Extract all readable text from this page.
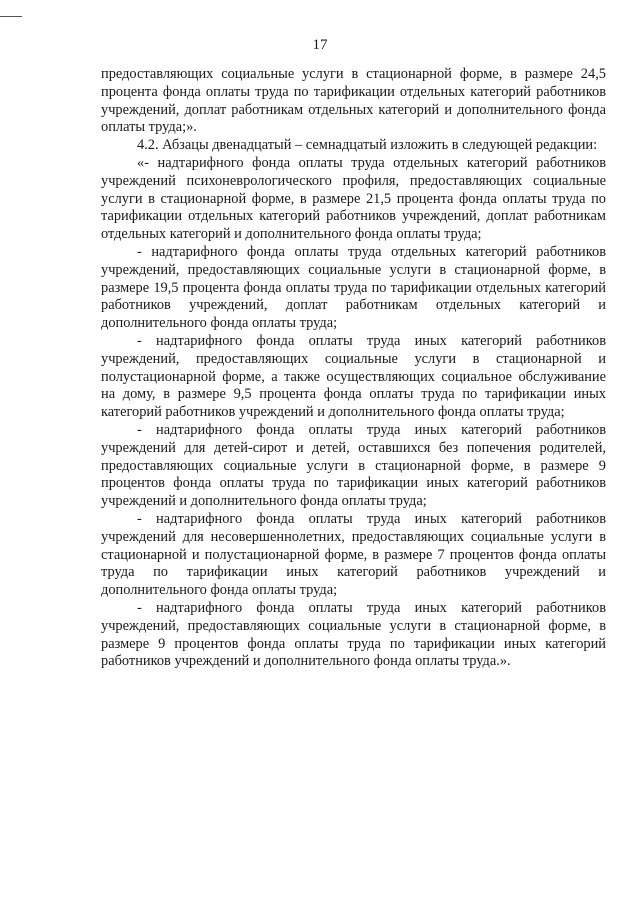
17

предоставляющих социальные услуги в стационарной форме, в размере 24,5 процента фонда оплаты труда по тарификации отдельных категорий работников учреждений, доплат работникам отдельных категорий и дополнительного фонда оплаты труда;».

4.2. Абзацы двенадцатый – семнадцатый изложить в следующей редакции:

«- надтарифного фонда оплаты труда отдельных категорий работников учреждений психоневрологического профиля, предоставляющих социальные услуги в стационарной форме, в размере 21,5 процента фонда оплаты труда по тарификации отдельных категорий работников учреждений, доплат работникам отдельных категорий и дополнительного фонда оплаты труда;

- надтарифного фонда оплаты труда отдельных категорий работников учреждений, предоставляющих социальные услуги в стационарной форме, в размере 19,5 процента фонда оплаты труда по тарификации отдельных категорий работников учреждений, доплат работникам отдельных категорий и дополнительного фонда оплаты труда;

- надтарифного фонда оплаты труда иных категорий работников учреждений, предоставляющих социальные услуги в стационарной и полустационарной форме, а также осуществляющих социальное обслуживание на дому, в размере 9,5 процента фонда оплаты труда по тарификации иных категорий работников учреждений и дополнительного фонда оплаты труда;

- надтарифного фонда оплаты труда иных категорий работников учреждений для детей-сирот и детей, оставшихся без попечения родителей, предоставляющих социальные услуги в стационарной форме, в размере 9 процентов фонда оплаты труда по тарификации иных категорий работников учреждений и дополнительного фонда оплаты труда;

- надтарифного фонда оплаты труда иных категорий работников учреждений для несовершеннолетних, предоставляющих социальные услуги в стационарной и полустационарной форме, в размере 7 процентов фонда оплаты труда по тарификации иных категорий работников учреждений и дополнительного фонда оплаты труда;

- надтарифного фонда оплаты труда иных категорий работников учреждений, предоставляющих социальные услуги в стационарной форме, в размере 9 процентов фонда оплаты труда по тарификации иных категорий работников учреждений и дополнительного фонда оплаты труда.».
